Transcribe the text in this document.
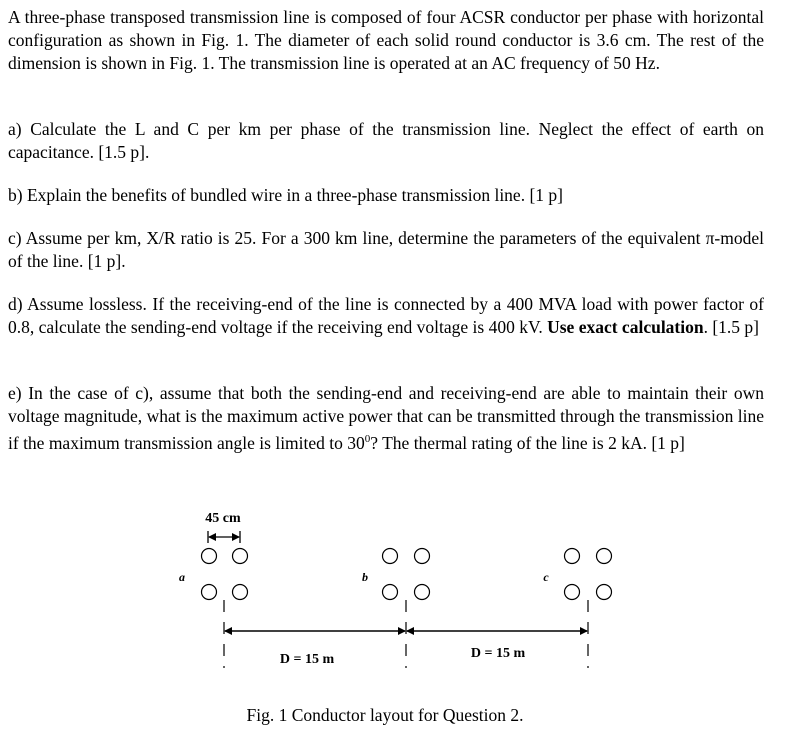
A three-phase transposed transmission line is composed of four ACSR conductor per phase with horizontal configuration as shown in Fig. 1. The diameter of each solid round conductor is 3.6 cm. The rest of the dimension is shown in Fig. 1. The transmission line is operated at an AC frequency of 50 Hz.

a) Calculate the L and C per km per phase of the transmission line. Neglect the effect of earth on capacitance. [1.5 p].

b) Explain the benefits of bundled wire in a three-phase transmission line. [1 p]

c) Assume per km, X/R ratio is 25. For a 300 km line, determine the parameters of the equivalent π-model of the line. [1 p].

d) Assume lossless. If the receiving-end of the line is connected by a 400 MVA load with power factor of 0.8, calculate the sending-end voltage if the receiving end voltage is 400 kV. Use exact calculation. [1.5 p]

e) In the case of c), assume that both the sending-end and receiving-end are able to maintain their own voltage magnitude, what is the maximum active power that can be transmitted through the transmission line if the maximum transmission angle is limited to $30^0$? The thermal rating of the line is 2 kA. [1 p]

45 cm
a	b	c
D = 15 m	D = 15 m
Fig. 1 Conductor layout for Question 2.
